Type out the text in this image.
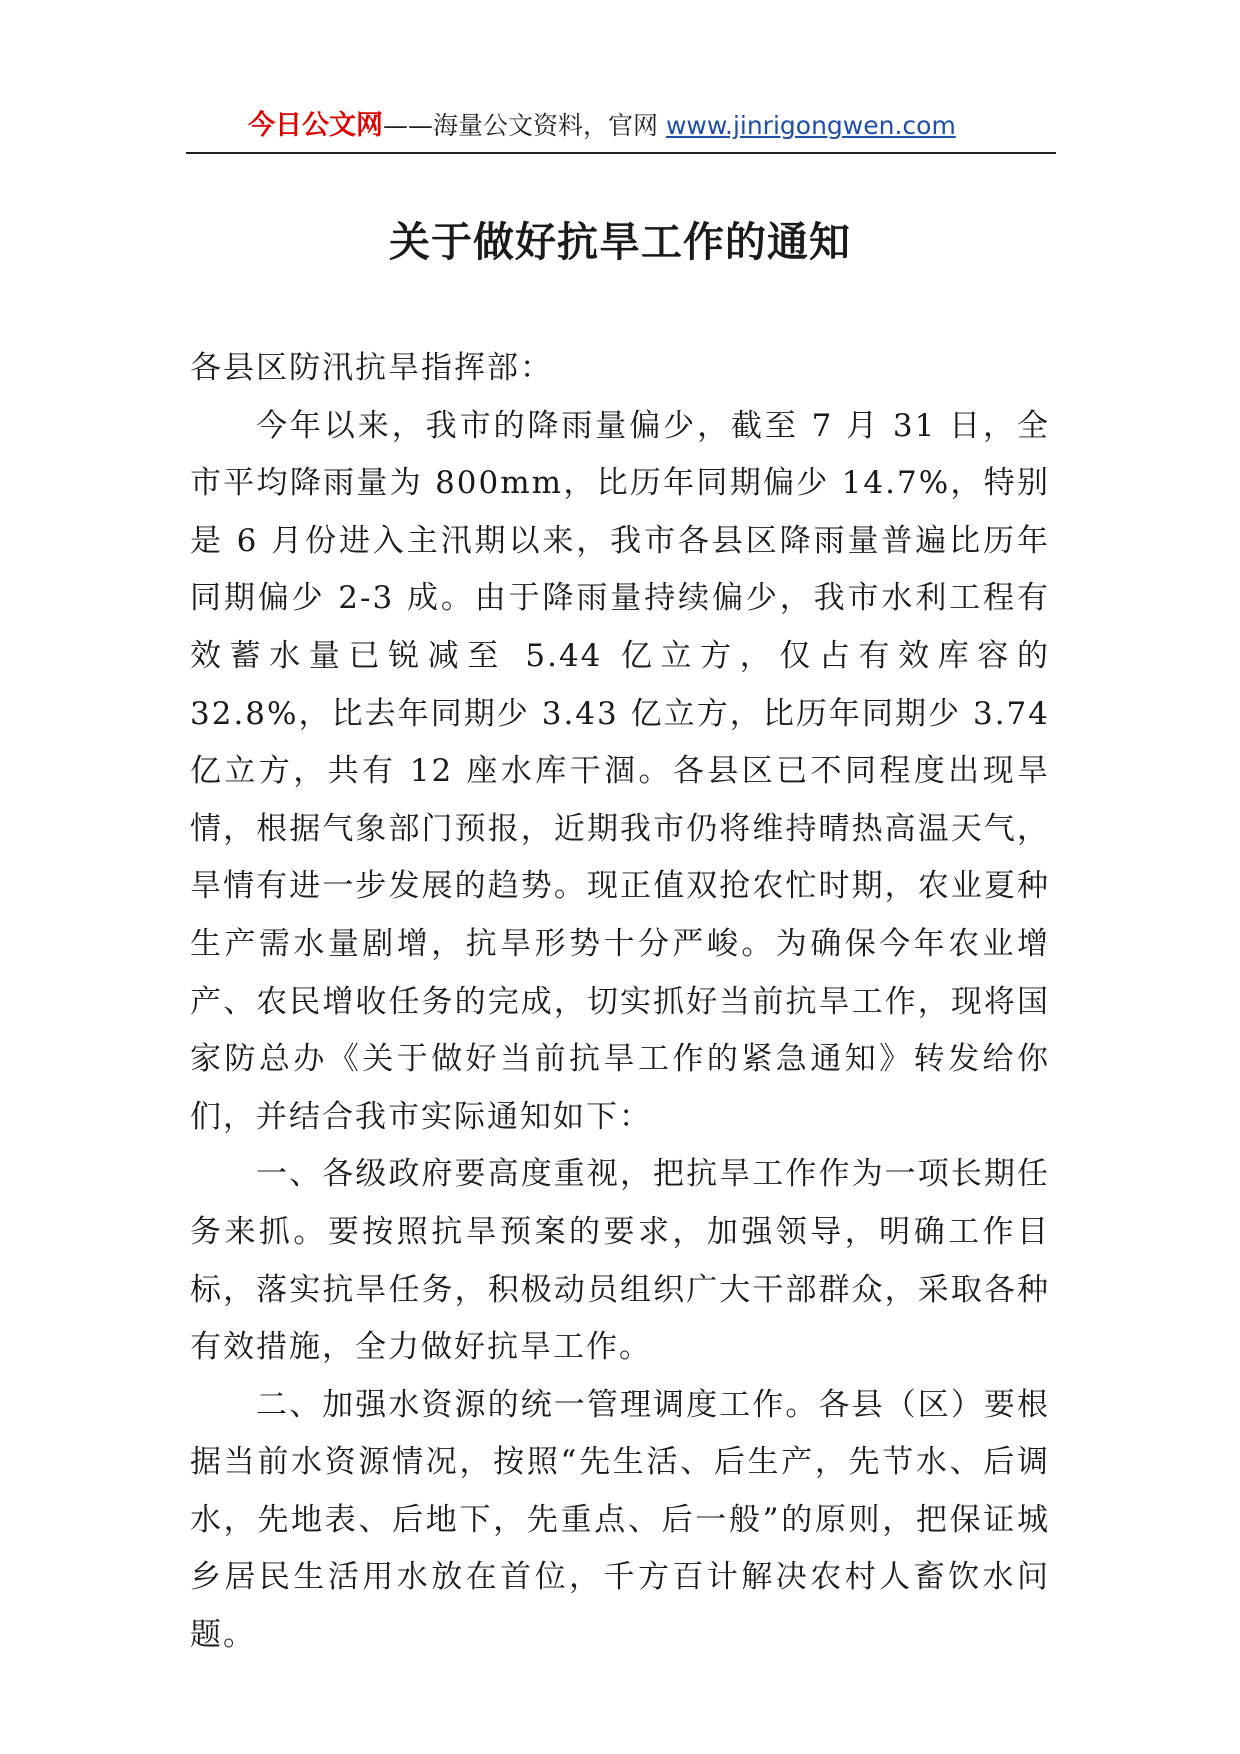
今日公文网——海量公文资料，官网 www.jinrigongwen.com
关于做好抗旱工作的通知

各县区防汛抗旱指挥部：

今年以来，我市的降雨量偏少，截至 7 月 31 日，全市平均降雨量为 800mm，比历年同期偏少 14.7%，特别是 6 月份进入主汛期以来，我市各县区降雨量普遍比历年同期偏少 2-3 成。由于降雨量持续偏少，我市水利工程有效蓄水量已锐减至 5.44 亿立方，仅占有效库容的 32.8%，比去年同期少 3.43 亿立方，比历年同期少 3.74 亿立方，共有 12 座水库干涸。各县区已不同程度出现旱情，根据气象部门预报，近期我市仍将维持晴热高温天气，旱情有进一步发展的趋势。现正值双抢农忙时期，农业夏种生产需水量剧增，抗旱形势十分严峻。为确保今年农业增产、农民增收任务的完成，切实抓好当前抗旱工作，现将国家防总办《关于做好当前抗旱工作的紧急通知》转发给你们，并结合我市实际通知如下：

一、各级政府要高度重视，把抗旱工作作为一项长期任务来抓。要按照抗旱预案的要求，加强领导，明确工作目标，落实抗旱任务，积极动员组织广大干部群众，采取各种有效措施，全力做好抗旱工作。

二、加强水资源的统一管理调度工作。各县（区）要根据当前水资源情况，按照“先生活、后生产，先节水、后调水，先地表、后地下，先重点、后一般”的原则，把保证城乡居民生活用水放在首位，千方百计解决农村人畜饮水问题。
